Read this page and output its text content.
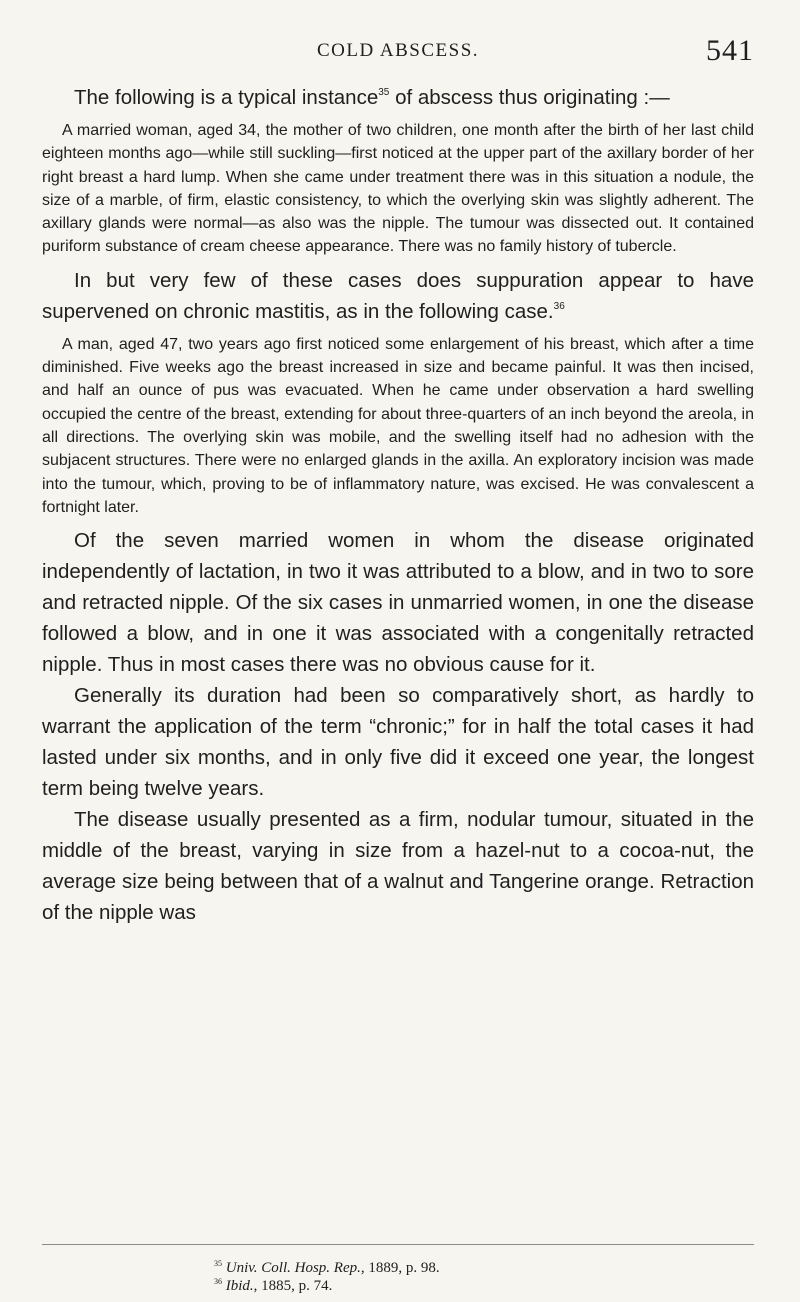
COLD ABSCESS.	541

The following is a typical instance$^{35}$ of abscess thus originating :—

A married woman, aged 34, the mother of two children, one month after the birth of her last child eighteen months ago—while still suckling—first noticed at the upper part of the axillary border of her right breast a hard lump. When she came under treatment there was in this situation a nodule, the size of a marble, of firm, elastic consistency, to which the overlying skin was slightly adherent. The axillary glands were normal—as also was the nipple. The tumour was dissected out. It contained puriform substance of cream cheese appearance. There was no family history of tubercle.

In but very few of these cases does suppuration appear to have supervened on chronic mastitis, as in the following case.$^{36}$

A man, aged 47, two years ago first noticed some enlargement of his breast, which after a time diminished. Five weeks ago the breast increased in size and became painful. It was then incised, and half an ounce of pus was evacuated. When he came under observation a hard swelling occupied the centre of the breast, extending for about three-quarters of an inch beyond the areola, in all directions. The overlying skin was mobile, and the swelling itself had no adhesion with the subjacent structures. There were no enlarged glands in the axilla. An exploratory incision was made into the tumour, which, proving to be of inflammatory nature, was excised. He was convalescent a fortnight later.

Of the seven married women in whom the disease originated independently of lactation, in two it was attributed to a blow, and in two to sore and retracted nipple. Of the six cases in unmarried women, in one the disease followed a blow, and in one it was associated with a congenitally retracted nipple. Thus in most cases there was no obvious cause for it.

Generally its duration had been so comparatively short, as hardly to warrant the application of the term “chronic;” for in half the total cases it had lasted under six months, and in only five did it exceed one year, the longest term being twelve years.

The disease usually presented as a firm, nodular tumour, situated in the middle of the breast, varying in size from a hazel-nut to a cocoa-nut, the average size being between that of a walnut and Tangerine orange. Retraction of the nipple was

$^{35}$ Univ. Coll. Hosp. Rep., 1889, p. 98.
$^{36}$ Ibid., 1885, p. 74.
